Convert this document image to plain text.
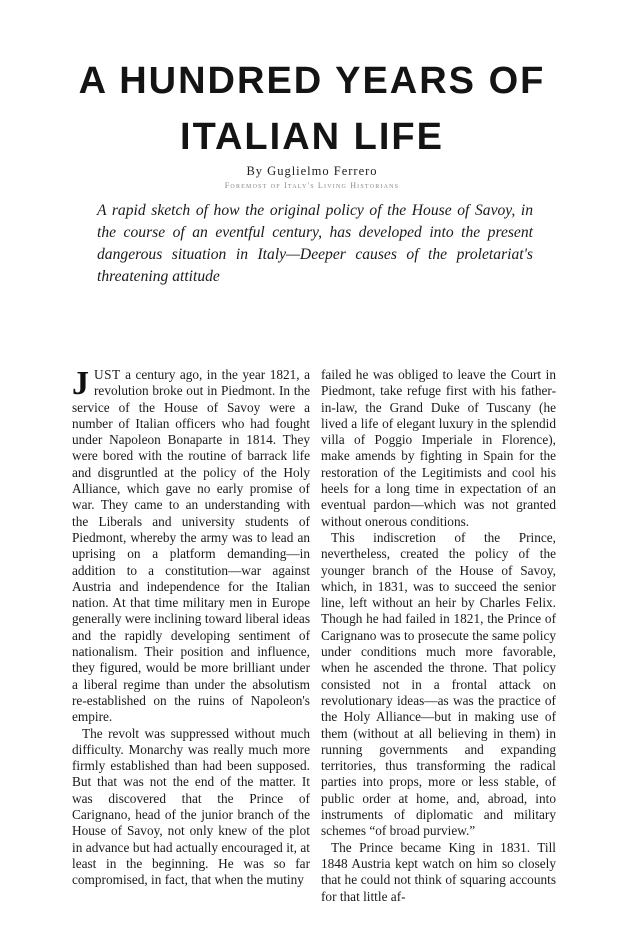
A HUNDRED YEARS OF
ITALIAN LIFE
By Guglielmo Ferrero
Foremost of Italy's Living Historians

A rapid sketch of how the original policy of the House of Savoy, in the course of an eventful century, has developed into the present dangerous situation in Italy—Deeper causes of the proletariat's threatening attitude

JUST a century ago, in the year 1821, a revolution broke out in Piedmont. In the service of the House of Savoy were a number of Italian officers who had fought under Napoleon Bonaparte in 1814. They were bored with the routine of barrack life and disgruntled at the policy of the Holy Alliance, which gave no early promise of war. They came to an understanding with the Liberals and university students of Piedmont, whereby the army was to lead an uprising on a platform demanding—in addition to a constitution—war against Austria and independence for the Italian nation. At that time military men in Europe generally were inclining toward liberal ideas and the rapidly developing sentiment of nationalism. Their position and influence, they figured, would be more brilliant under a liberal regime than under the absolutism re-established on the ruins of Napoleon's empire.

The revolt was suppressed without much difficulty. Monarchy was really much more firmly established than had been supposed. But that was not the end of the matter. It was discovered that the Prince of Carignano, head of the junior branch of the House of Savoy, not only knew of the plot in advance but had actually encouraged it, at least in the beginning. He was so far compromised, in fact, that when the mutiny

failed he was obliged to leave the Court in Piedmont, take refuge first with his father-in-law, the Grand Duke of Tuscany (he lived a life of elegant luxury in the splendid villa of Poggio Imperiale in Florence), make amends by fighting in Spain for the restoration of the Legitimists and cool his heels for a long time in expectation of an eventual pardon—which was not granted without onerous conditions.

This indiscretion of the Prince, nevertheless, created the policy of the younger branch of the House of Savoy, which, in 1831, was to succeed the senior line, left without an heir by Charles Felix. Though he had failed in 1821, the Prince of Carignano was to prosecute the same policy under conditions much more favorable, when he ascended the throne. That policy consisted not in a frontal attack on revolutionary ideas—as was the practice of the Holy Alliance—but in making use of them (without at all believing in them) in running governments and expanding territories, thus transforming the radical parties into props, more or less stable, of public order at home, and, abroad, into instruments of diplomatic and military schemes “of broad purview.”

The Prince became King in 1831. Till 1848 Austria kept watch on him so closely that he could not think of squaring accounts for that little af-
